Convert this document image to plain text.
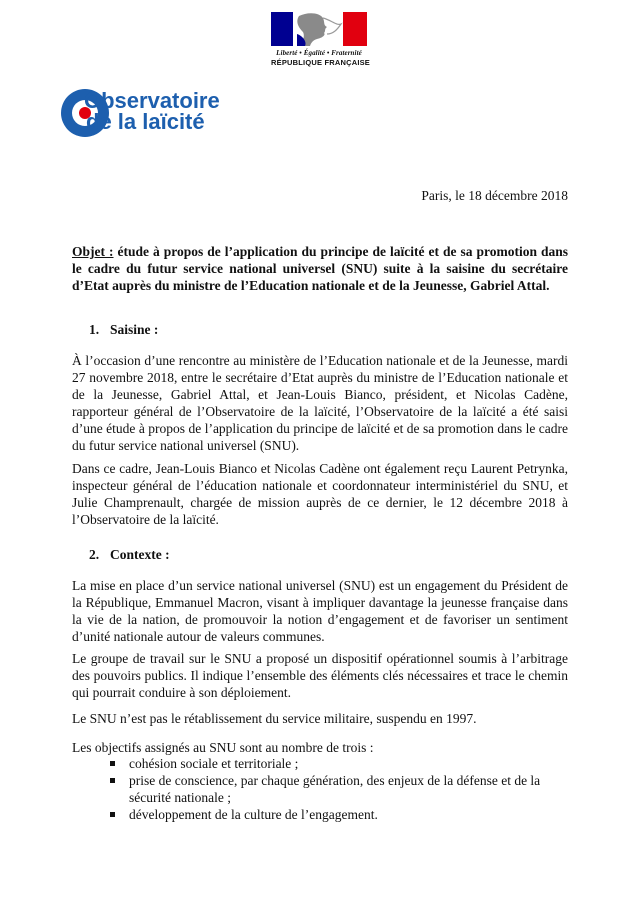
Liberté • Égalité • Fraternité
RÉPUBLIQUE FRANÇAISE
Observatoire
de la laïcité
Paris, le 18 décembre 2018
Objet : étude à propos de l’application du principe de laïcité et de sa promotion dans le cadre du futur service national universel (SNU) suite à la saisine du secrétaire d’Etat auprès du ministre de l’Education nationale et de la Jeunesse, Gabriel Attal.
1. Saisine :

À l’occasion d’une rencontre au ministère de l’Education nationale et de la Jeunesse, mardi 27 novembre 2018, entre le secrétaire d’Etat auprès du ministre de l’Education nationale et de la Jeunesse, Gabriel Attal, et Jean-Louis Bianco, président, et Nicolas Cadène, rapporteur général de l’Observatoire de la laïcité, l’Observatoire de la laïcité a été saisi d’une étude à propos de l’application du principe de laïcité et de sa promotion dans le cadre du futur service national universel (SNU).

Dans ce cadre, Jean-Louis Bianco et Nicolas Cadène ont également reçu Laurent Petrynka, inspecteur général de l’éducation nationale et coordonnateur interministériel du SNU, et Julie Champrenault, chargée de mission auprès de ce dernier, le 12 décembre 2018 à l’Observatoire de la laïcité.

2. Contexte :

La mise en place d’un service national universel (SNU) est un engagement du Président de la République, Emmanuel Macron, visant à impliquer davantage la jeunesse française dans la vie de la nation, de promouvoir la notion d’engagement et de favoriser un sentiment d’unité nationale autour de valeurs communes.

Le groupe de travail sur le SNU a proposé un dispositif opérationnel soumis à l’arbitrage des pouvoirs publics. Il indique l’ensemble des éléments clés nécessaires et trace le chemin qui pourrait conduire à son déploiement.

Le SNU n’est pas le rétablissement du service militaire, suspendu en 1997.

Les objectifs assignés au SNU sont au nombre de trois :

cohésion sociale et territoriale ;
prise de conscience, par chaque génération, des enjeux de la défense et de la sécurité nationale ;
développement de la culture de l’engagement.
